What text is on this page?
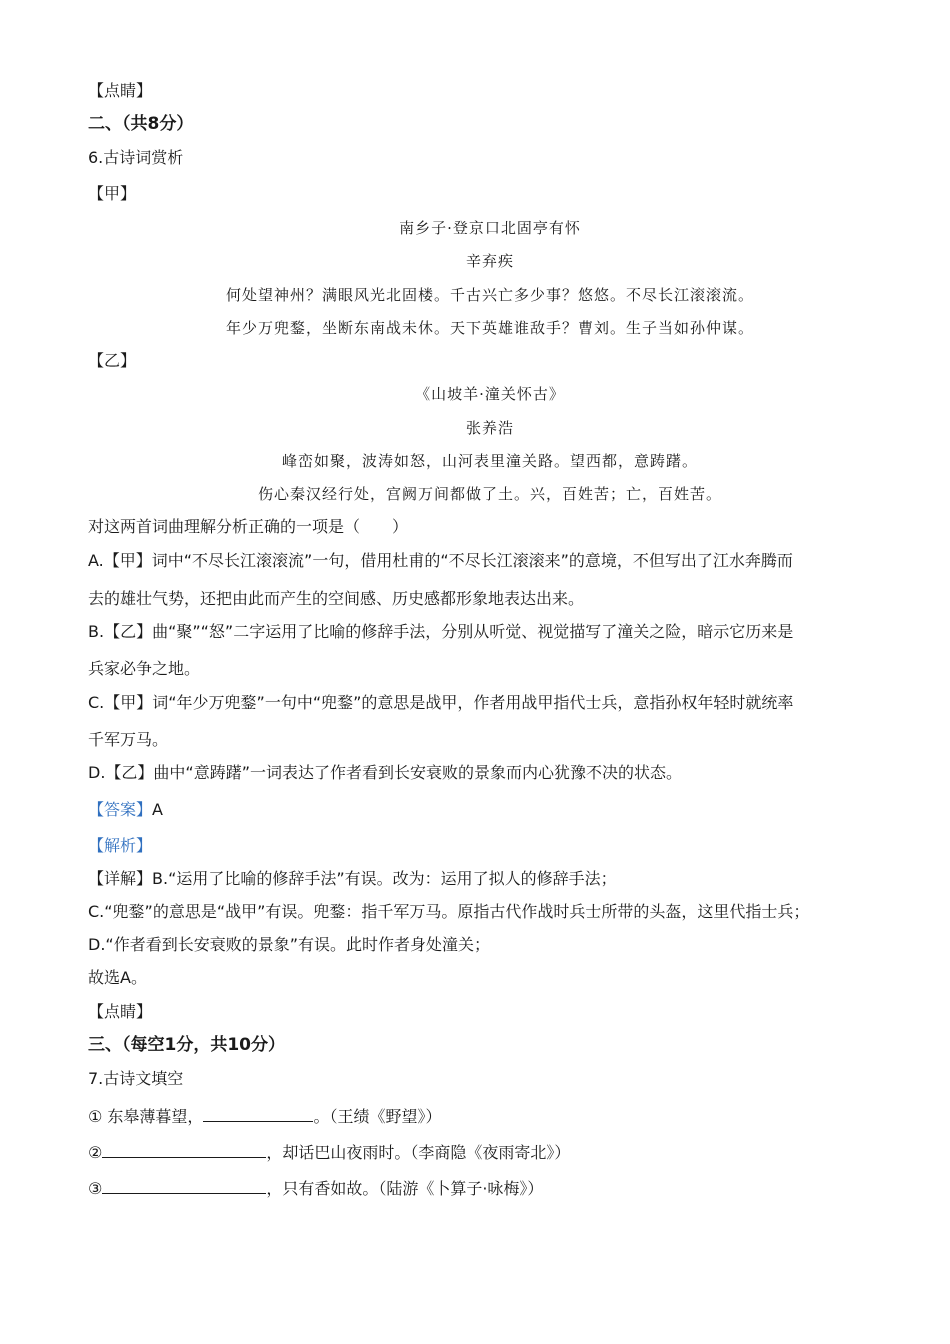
【点睛】
二、（共8分）
6.古诗词赏析
【甲】
南乡子·登京口北固亭有怀
辛弃疾
何处望神州？满眼风光北固楼。千古兴亡多少事？悠悠。不尽长江滚滚流。
年少万兜鍪，坐断东南战未休。天下英雄谁敌手？曹刘。生子当如孙仲谋。
【乙】
《山坡羊·潼关怀古》
张养浩
峰峦如聚，波涛如怒，山河表里潼关路。望西都，意踌躇。
伤心秦汉经行处，宫阙万间都做了土。兴，百姓苦；亡，百姓苦。
对这两首词曲理解分析正确的一项是（　　）
A.【甲】词中“不尽长江滚滚流”一句，借用杜甫的“不尽长江滚滚来”的意境，不但写出了江水奔腾而
去的雄壮气势，还把由此而产生的空间感、历史感都形象地表达出来。
B.【乙】曲“聚”“怒”二字运用了比喻的修辞手法，分别从听觉、视觉描写了潼关之险，暗示它历来是
兵家必争之地。
C.【甲】词“年少万兜鍪”一句中“兜鍪”的意思是战甲，作者用战甲指代士兵，意指孙权年轻时就统率
千军万马。
D.【乙】曲中“意踌躇”一词表达了作者看到长安衰败的景象而内心犹豫不决的状态。
【答案】A
【解析】
【详解】B.“运用了比喻的修辞手法”有误。改为：运用了拟人的修辞手法；
C.“兜鍪”的意思是“战甲”有误。兜鍪：指千军万马。原指古代作战时兵士所带的头盔，这里代指士兵；
D.“作者看到长安衰败的景象”有误。此时作者身处潼关；
故选A。
【点睛】
三、（每空1分，共10分）
7.古诗文填空
① 东皋薄暮望，	。（王绩《野望》）
②	，却话巴山夜雨时。（李商隐《夜雨寄北》）
③	，只有香如故。（陆游《卜算子·咏梅》）
